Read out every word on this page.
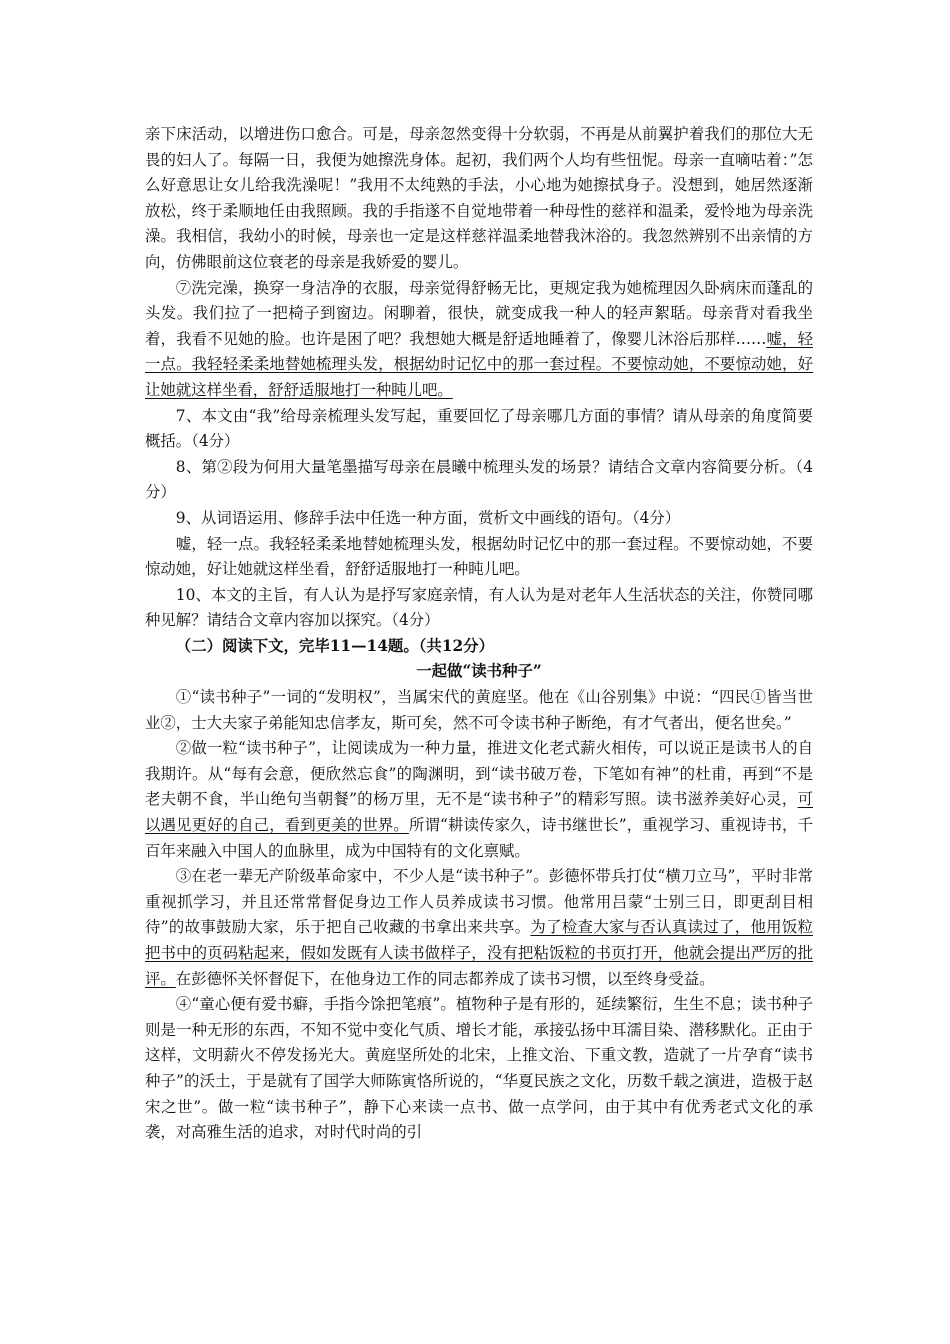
亲下床活动，以增进伤口愈合。可是，母亲忽然变得十分软弱，不再是从前翼护着我们的那位大无畏的妇人了。每隔一日，我便为她擦洗身体。起初，我们两个人均有些忸怩。母亲一直嘀咕着：”怎么好意思让女儿给我洗澡呢！”我用不太纯熟的手法，小心地为她擦拭身子。没想到，她居然逐渐放松，终于柔顺地任由我照顾。我的手指遂不自觉地带着一种母性的慈祥和温柔，爱怜地为母亲洗澡。我相信，我幼小的时候，母亲也一定是这样慈祥温柔地替我沐浴的。我忽然辨别不出亲情的方向，仿佛眼前这位衰老的母亲是我娇爱的婴儿。

⑦洗完澡，换穿一身洁净的衣服，母亲觉得舒畅无比，更规定我为她梳理因久卧病床而蓬乱的头发。我们拉了一把椅子到窗边。闲聊着，很快，就变成我一种人的轻声絮聒。母亲背对看我坐着，我看不见她的脸。也许是困了吧？我想她大概是舒适地睡着了，像婴儿沐浴后那样……嘘，轻一点。我轻轻柔柔地替她梳理头发，根据幼时记忆中的那一套过程。不要惊动她，不要惊动她，好让她就这样坐看，舒舒适服地打一种盹儿吧。

7、本文由“我”给母亲梳理头发写起，重要回忆了母亲哪几方面的事情？请从母亲的角度简要概括。（4分）

8、第②段为何用大量笔墨描写母亲在晨曦中梳理头发的场景？请结合文章内容简要分析。（4分）

9、从词语运用、修辞手法中任选一种方面，赏析文中画线的语句。（4分）

嘘，轻一点。我轻轻柔柔地替她梳理头发，根据幼时记忆中的那一套过程。不要惊动她，不要惊动她，好让她就这样坐看，舒舒适服地打一种盹儿吧。

10、本文的主旨，有人认为是抒写家庭亲情，有人认为是对老年人生活状态的关注，你赞同哪种见解？请结合文章内容加以探究。（4分）

（二）阅读下文，完毕11—14题。（共12分）

一起做“读书种子”

①“读书种子”一词的“发明权”，当属宋代的黄庭坚。他在《山谷别集》中说：“四民①皆当世业②，士大夫家子弟能知忠信孝友，斯可矣，然不可令读书种子断绝，有才气者出，便名世矣。”

②做一粒“读书种子”，让阅读成为一种力量，推进文化老式薪火相传，可以说正是读书人的自我期许。从“每有会意，便欣然忘食”的陶渊明，到“读书破万卷，下笔如有神”的杜甫，再到“不是老夫朝不食，半山绝句当朝餐”的杨万里，无不是“读书种子”的精彩写照。读书滋养美好心灵，可以遇见更好的自己，看到更美的世界。所谓“耕读传家久，诗书继世长”，重视学习、重视诗书，千百年来融入中国人的血脉里，成为中国特有的文化禀赋。

③在老一辈无产阶级革命家中，不少人是“读书种子”。彭德怀带兵打仗“横刀立马”，平时非常重视抓学习，并且还常常督促身边工作人员养成读书习惯。他常用吕蒙“士别三日，即更刮目相待”的故事鼓励大家，乐于把自己收藏的书拿出来共享。为了检查大家与否认真读过了，他用饭粒把书中的页码粘起来，假如发既有人读书做样子，没有把粘饭粒的书页打开，他就会提出严厉的批评。在彭德怀关怀督促下，在他身边工作的同志都养成了读书习惯，以至终身受益。

④“童心便有爱书癖，手指今馀把笔痕”。植物种子是有形的，延续繁衍，生生不息；读书种子则是一种无形的东西，不知不觉中变化气质、增长才能，承接弘扬中耳濡目染、潜移默化。正由于这样，文明薪火不停发扬光大。黄庭坚所处的北宋，上推文治、下重文教，造就了一片孕育“读书种子”的沃土，于是就有了国学大师陈寅恪所说的，“华夏民族之文化，历数千载之演进，造极于赵宋之世”。做一粒“读书种子”，静下心来读一点书、做一点学问，由于其中有优秀老式文化的承袭，对高雅生活的追求，对时代时尚的引
